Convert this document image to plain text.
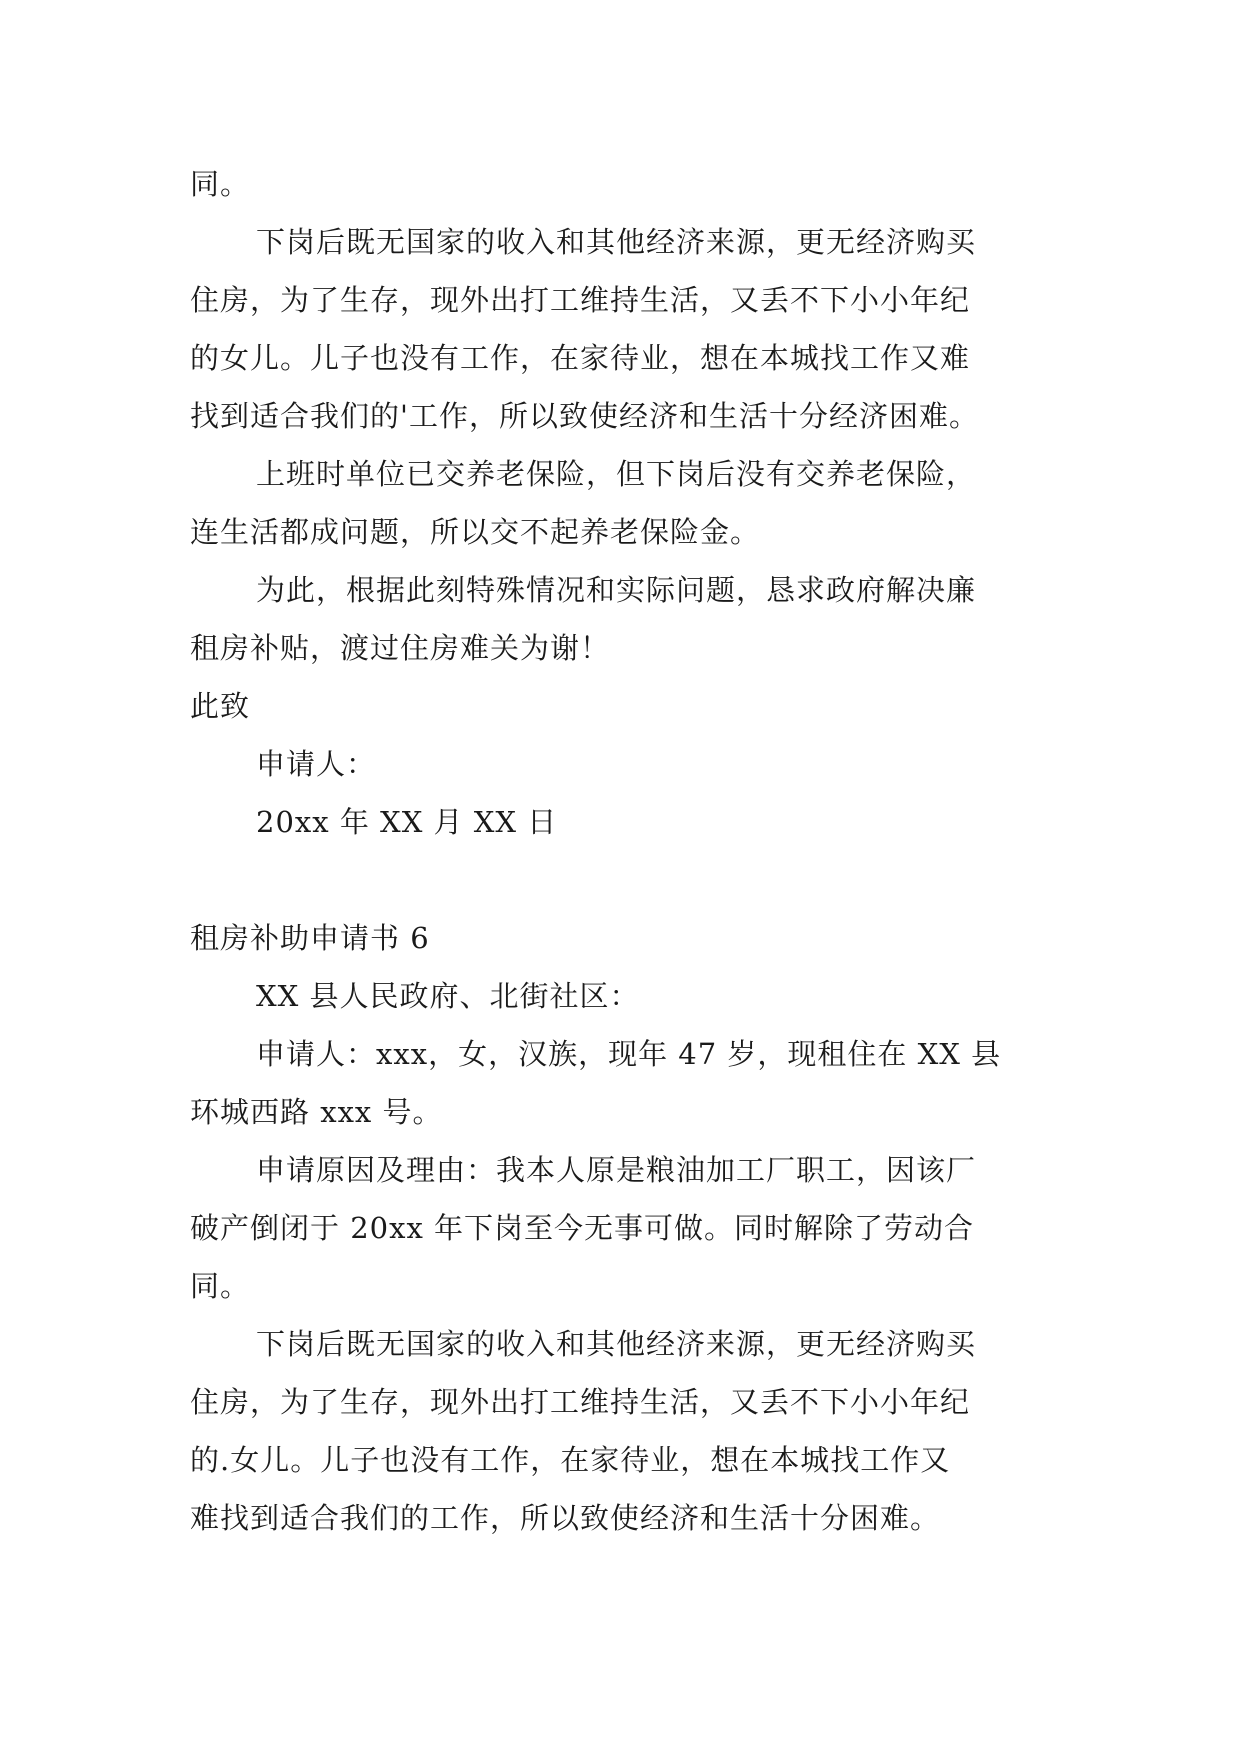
同。
下岗后既无国家的收入和其他经济来源，更无经济购买
住房，为了生存，现外出打工维持生活，又丢不下小小年纪
的女儿。儿子也没有工作，在家待业，想在本城找工作又难
找到适合我们的'工作，所以致使经济和生活十分经济困难。
上班时单位已交养老保险，但下岗后没有交养老保险，
连生活都成问题，所以交不起养老保险金。
为此，根据此刻特殊情况和实际问题，恳求政府解决廉
租房补贴，渡过住房难关为谢！
此致
申请人：
20xx 年 XX 月 XX 日
租房补助申请书 6
XX 县人民政府、北街社区：
申请人：xxx，女，汉族，现年 47 岁，现租住在 XX 县
环城西路 xxx 号。
申请原因及理由：我本人原是粮油加工厂职工，因该厂
破产倒闭于 20xx 年下岗至今无事可做。同时解除了劳动合
同。
下岗后既无国家的收入和其他经济来源，更无经济购买
住房，为了生存，现外出打工维持生活，又丢不下小小年纪
的.女儿。儿子也没有工作，在家待业，想在本城找工作又
难找到适合我们的工作，所以致使经济和生活十分困难。
